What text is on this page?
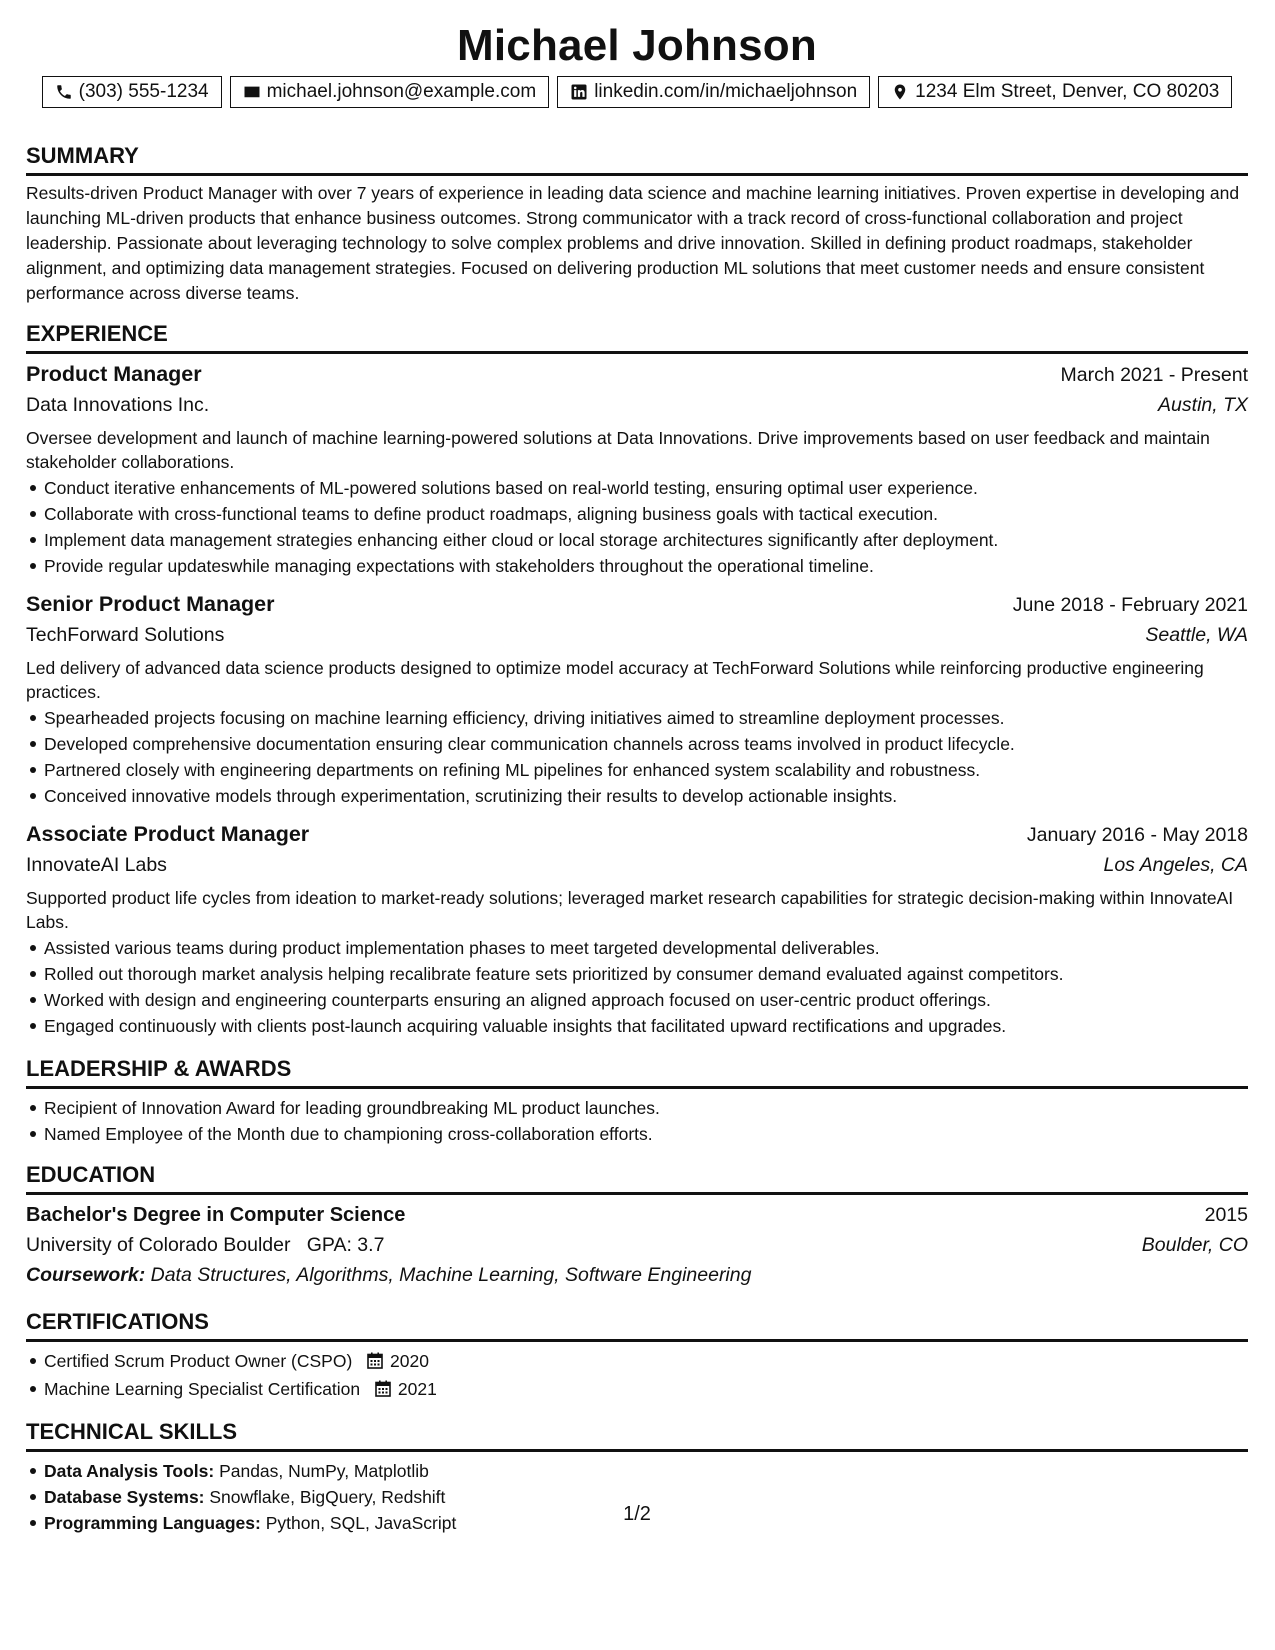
Michael Johnson
(303) 555-1234	michael.johnson@example.com	linkedin.com/in/michaeljohnson	1234 Elm Street, Denver, CO 80203
SUMMARY

Results-driven Product Manager with over 7 years of experience in leading data science and machine learning initiatives. Proven expertise in developing and launching ML-driven products that enhance business outcomes. Strong communicator with a track record of cross-functional collaboration and project leadership. Passionate about leveraging technology to solve complex problems and drive innovation. Skilled in defining product roadmaps, stakeholder alignment, and optimizing data management strategies. Focused on delivering production ML solutions that meet customer needs and ensure consistent performance across diverse teams.

EXPERIENCE
Product Manager	March 2021 - Present
Data Innovations Inc.	Austin, TX
Oversee development and launch of machine learning-powered solutions at Data Innovations. Drive improvements based on user feedback and maintain stakeholder collaborations.
Conduct iterative enhancements of ML-powered solutions based on real-world testing, ensuring optimal user experience.
Collaborate with cross-functional teams to define product roadmaps, aligning business goals with tactical execution.
Implement data management strategies enhancing either cloud or local storage architectures significantly after deployment.
Provide regular updateswhile managing expectations with stakeholders throughout the operational timeline.
Senior Product Manager	June 2018 - February 2021
TechForward Solutions	Seattle, WA
Led delivery of advanced data science products designed to optimize model accuracy at TechForward Solutions while reinforcing productive engineering practices.
Spearheaded projects focusing on machine learning efficiency, driving initiatives aimed to streamline deployment processes.
Developed comprehensive documentation ensuring clear communication channels across teams involved in product lifecycle.
Partnered closely with engineering departments on refining ML pipelines for enhanced system scalability and robustness.
Conceived innovative models through experimentation, scrutinizing their results to develop actionable insights.
Associate Product Manager	January 2016 - May 2018
InnovateAI Labs	Los Angeles, CA
Supported product life cycles from ideation to market-ready solutions; leveraged market research capabilities for strategic decision-making within InnovateAI Labs.
Assisted various teams during product implementation phases to meet targeted developmental deliverables.
Rolled out thorough market analysis helping recalibrate feature sets prioritized by consumer demand evaluated against competitors.
Worked with design and engineering counterparts ensuring an aligned approach focused on user-centric product offerings.
Engaged continuously with clients post-launch acquiring valuable insights that facilitated upward rectifications and upgrades.
LEADERSHIP & AWARDS
Recipient of Innovation Award for leading groundbreaking ML product launches.
Named Employee of the Month due to championing cross-collaboration efforts.
EDUCATION
Bachelor's Degree in Computer Science	2015
University of Colorado Boulder GPA: 3.7	Boulder, CO
Coursework: Data Structures, Algorithms, Machine Learning, Software Engineering
CERTIFICATIONS
Certified Scrum Product Owner (CSPO) 2020
Machine Learning Specialist Certification 2021
TECHNICAL SKILLS
Data Analysis Tools: Pandas, NumPy, Matplotlib
Database Systems: Snowflake, BigQuery, Redshift
Programming Languages: Python, SQL, JavaScript	1/2
